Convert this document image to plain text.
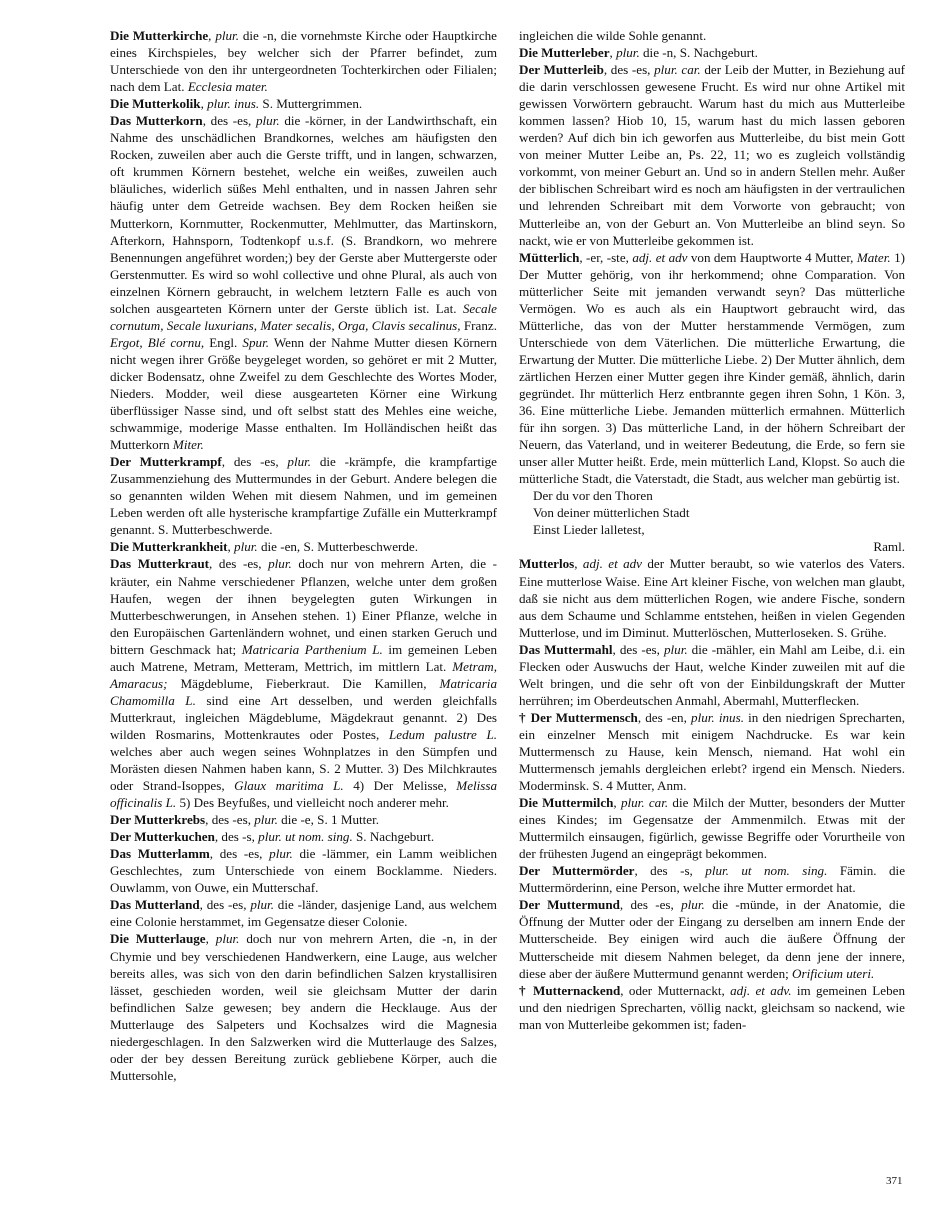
Die Mutterkirche, plur. die -n, die vornehmste Kirche oder Hauptkirche eines Kirchspieles, bey welcher sich der Pfarrer befindet, zum Unterschiede von den ihr untergeordneten Tochterkirchen oder Filialen; nach dem Lat. Ecclesia mater.

Die Mutterkolik, plur. inus. S. Muttergrimmen.

Das Mutterkorn, des -es, plur. die -körner, in der Landwirthschaft, ein Nahme des unschädlichen Brandkornes, welches am häufigsten den Rocken, zuweilen aber auch die Gerste trifft, und in langen, schwarzen, oft krummen Körnern bestehet, welche ein weißes, zuweilen auch bläuliches, widerlich süßes Mehl enthalten, und in nassen Jahren sehr häufig unter dem Getreide wachsen. Bey dem Rocken heißen sie Mutterkorn, Kornmutter, Rockenmutter, Mehlmutter, das Martinskorn, Afterkorn, Hahnsporn, Todtenkopf u.s.f. (S. Brandkorn, wo mehrere Benennungen angeführet worden;) bey der Gerste aber Muttergerste oder Gerstenmutter. Es wird so wohl collective und ohne Plural, als auch von einzelnen Körnern gebraucht, in welchem letztern Falle es auch von solchen ausgearteten Körnern unter der Gerste üblich ist. Lat. Secale cornutum, Secale luxurians, Mater secalis, Orga, Clavis secalinus, Franz. Ergot, Blé cornu, Engl. Spur. Wenn der Nahme Mutter diesen Körnern nicht wegen ihrer Größe beygeleget worden, so gehöret er mit 2 Mutter, dicker Bodensatz, ohne Zweifel zu dem Geschlechte des Wortes Moder, Nieders. Modder, weil diese ausgearteten Körner eine Wirkung überflüssiger Nasse sind, und oft selbst statt des Mehles eine weiche, schwammige, moderige Masse enthalten. Im Holländischen heißt das Mutterkorn Miter.

Der Mutterkrampf, des -es, plur. die -krämpfe, die krampfartige Zusammenziehung des Muttermundes in der Geburt. Andere belegen die so genannten wilden Wehen mit diesem Nahmen, und im gemeinen Leben werden oft alle hysterische krampfartige Zufälle ein Mutterkrampf genannt. S. Mutterbeschwerde.

Die Mutterkrankheit, plur. die -en, S. Mutterbeschwerde.

Das Mutterkraut, des -es, plur. doch nur von mehrern Arten, die -kräuter, ein Nahme verschiedener Pflanzen, welche unter dem großen Haufen, wegen der ihnen beygelegten guten Wirkungen in Mutterbeschwerungen, in Ansehen stehen. 1) Einer Pflanze, welche in den Europäischen Gartenländern wohnet, und einen starken Geruch und bittern Geschmack hat; Matricaria Parthenium L. im gemeinen Leben auch Matrene, Metram, Metteram, Mettrich, im mittlern Lat. Metram, Amaracus; Mägdeblume, Fieberkraut. Die Kamillen, Matricaria Chamomilla L. sind eine Art desselben, und werden gleichfalls Mutterkraut, ingleichen Mägdeblume, Mägdekraut genannt. 2) Des wilden Rosmarins, Mottenkrautes oder Postes, Ledum palustre L. welches aber auch wegen seines Wohnplatzes in den Sümpfen und Morästen diesen Nahmen haben kann, S. 2 Mutter. 3) Des Milchkrautes oder Strand-Isoppes, Glaux maritima L. 4) Der Melisse, Melissa officinalis L. 5) Des Beyfußes, und vielleicht noch anderer mehr.

Der Mutterkrebs, des -es, plur. die -e, S. 1 Mutter.

Der Mutterkuchen, des -s, plur. ut nom. sing. S. Nachgeburt.

Das Mutterlamm, des -es, plur. die -lämmer, ein Lamm weiblichen Geschlechtes, zum Unterschiede von einem Bocklamme. Nieders. Ouwlamm, von Ouwe, ein Mutterschaf.

Das Mutterland, des -es, plur. die -länder, dasjenige Land, aus welchem eine Colonie herstammet, im Gegensatze dieser Colonie.

Die Mutterlauge, plur. doch nur von mehrern Arten, die -n, in der Chymie und bey verschiedenen Handwerkern, eine Lauge, aus welcher bereits alles, was sich von den darin befindlichen Salzen krystallisiren lässet, geschieden worden, weil sie gleichsam Mutter der darin befindlichen Salze gewesen; bey andern die Hecklauge. Aus der Mutterlauge des Salpeters und Kochsalzes wird die Magnesia niedergeschlagen. In den Salzwerken wird die Mutterlauge des Salzes, oder der bey dessen Bereitung zurück gebliebene Körper, auch die Muttersohle,

ingleichen die wilde Sohle genannt.

Die Mutterleber, plur. die -n, S. Nachgeburt.

Der Mutterleib, des -es, plur. car. der Leib der Mutter, in Beziehung auf die darin verschlossen gewesene Frucht. Es wird nur ohne Artikel mit gewissen Vorwörtern gebraucht. Warum hast du mich aus Mutterleibe kommen lassen? Hiob 10, 15, warum hast du mich lassen geboren werden? Auf dich bin ich geworfen aus Mutterleibe, du bist mein Gott von meiner Mutter Leibe an, Ps. 22, 11; wo es zugleich vollständig vorkommt, von meiner Geburt an. Und so in andern Stellen mehr. Außer der biblischen Schreibart wird es noch am häufigsten in der vertraulichen und lehrenden Schreibart mit dem Vorworte von gebraucht; von Mutterleibe an, von der Geburt an. Von Mutterleibe an blind seyn. So nackt, wie er von Mutterleibe gekommen ist.

Mütterlich, -er, -ste, adj. et adv von dem Hauptworte 4 Mutter, Mater. 1) Der Mutter gehörig, von ihr herkommend; ohne Comparation. Von mütterlicher Seite mit jemanden verwandt seyn? Das mütterliche Vermögen. Wo es auch als ein Hauptwort gebraucht wird, das Mütterliche, das von der Mutter herstammende Vermögen, zum Unterschiede von dem Väterlichen. Die mütterliche Erwartung, die Erwartung der Mutter. Die mütterliche Liebe. 2) Der Mutter ähnlich, dem zärtlichen Herzen einer Mutter gegen ihre Kinder gemäß, ähnlich, darin gegründet. Ihr mütterlich Herz entbrannte gegen ihren Sohn, 1 Kön. 3, 36. Eine mütterliche Liebe. Jemanden mütterlich ermahnen. Mütterlich für ihn sorgen. 3) Das mütterliche Land, in der höhern Schreibart der Neuern, das Vaterland, und in weiterer Bedeutung, die Erde, so fern sie unser aller Mutter heißt. Erde, mein mütterlich Land, Klopst. So auch die mütterliche Stadt, die Vaterstadt, die Stadt, aus welcher man gebürtig ist.

Der du vor den Thoren

Von deiner mütterlichen Stadt

Einst Lieder lalletest,

Raml.

Mutterlos, adj. et adv der Mutter beraubt, so wie vaterlos des Vaters. Eine mutterlose Waise. Eine Art kleiner Fische, von welchen man glaubt, daß sie nicht aus dem mütterlichen Rogen, wie andere Fische, sondern aus dem Schaume und Schlamme entstehen, heißen in vielen Gegenden Mutterlose, und im Diminut. Mutterlöschen, Mutterloseken. S. Grühe.

Das Muttermahl, des -es, plur. die -mähler, ein Mahl am Leibe, d.i. ein Flecken oder Auswuchs der Haut, welche Kinder zuweilen mit auf die Welt bringen, und die sehr oft von der Einbildungskraft der Mutter herrühren; im Oberdeutschen Anmahl, Abermahl, Mutterflecken.

† Der Muttermensch, des -en, plur. inus. in den niedrigen Sprecharten, ein einzelner Mensch mit einigem Nachdrucke. Es war kein Muttermensch zu Hause, kein Mensch, niemand. Hat wohl ein Muttermensch jemahls dergleichen erlebt? irgend ein Mensch. Nieders. Moderminsk. S. 4 Mutter, Anm.

Die Muttermilch, plur. car. die Milch der Mutter, besonders der Mutter eines Kindes; im Gegensatze der Ammenmilch. Etwas mit der Muttermilch einsaugen, figürlich, gewisse Begriffe oder Vorurtheile von der frühesten Jugend an eingeprägt bekommen.

Der Muttermörder, des -s, plur. ut nom. sing. Fämin. die Muttermörderinn, eine Person, welche ihre Mutter ermordet hat.

Der Muttermund, des -es, plur. die -münde, in der Anatomie, die Öffnung der Mutter oder der Eingang zu derselben am innern Ende der Mutterscheide. Bey einigen wird auch die äußere Öffnung der Mutterscheide mit diesem Nahmen beleget, da denn jene der innere, diese aber der äußere Muttermund genannt werden; Orificium uteri.

† Mutternackend, oder Mutternackt, adj. et adv. im gemeinen Leben und den niedrigen Sprecharten, völlig nackt, gleichsam so nackend, wie man von Mutterleibe gekommen ist; faden-

371
